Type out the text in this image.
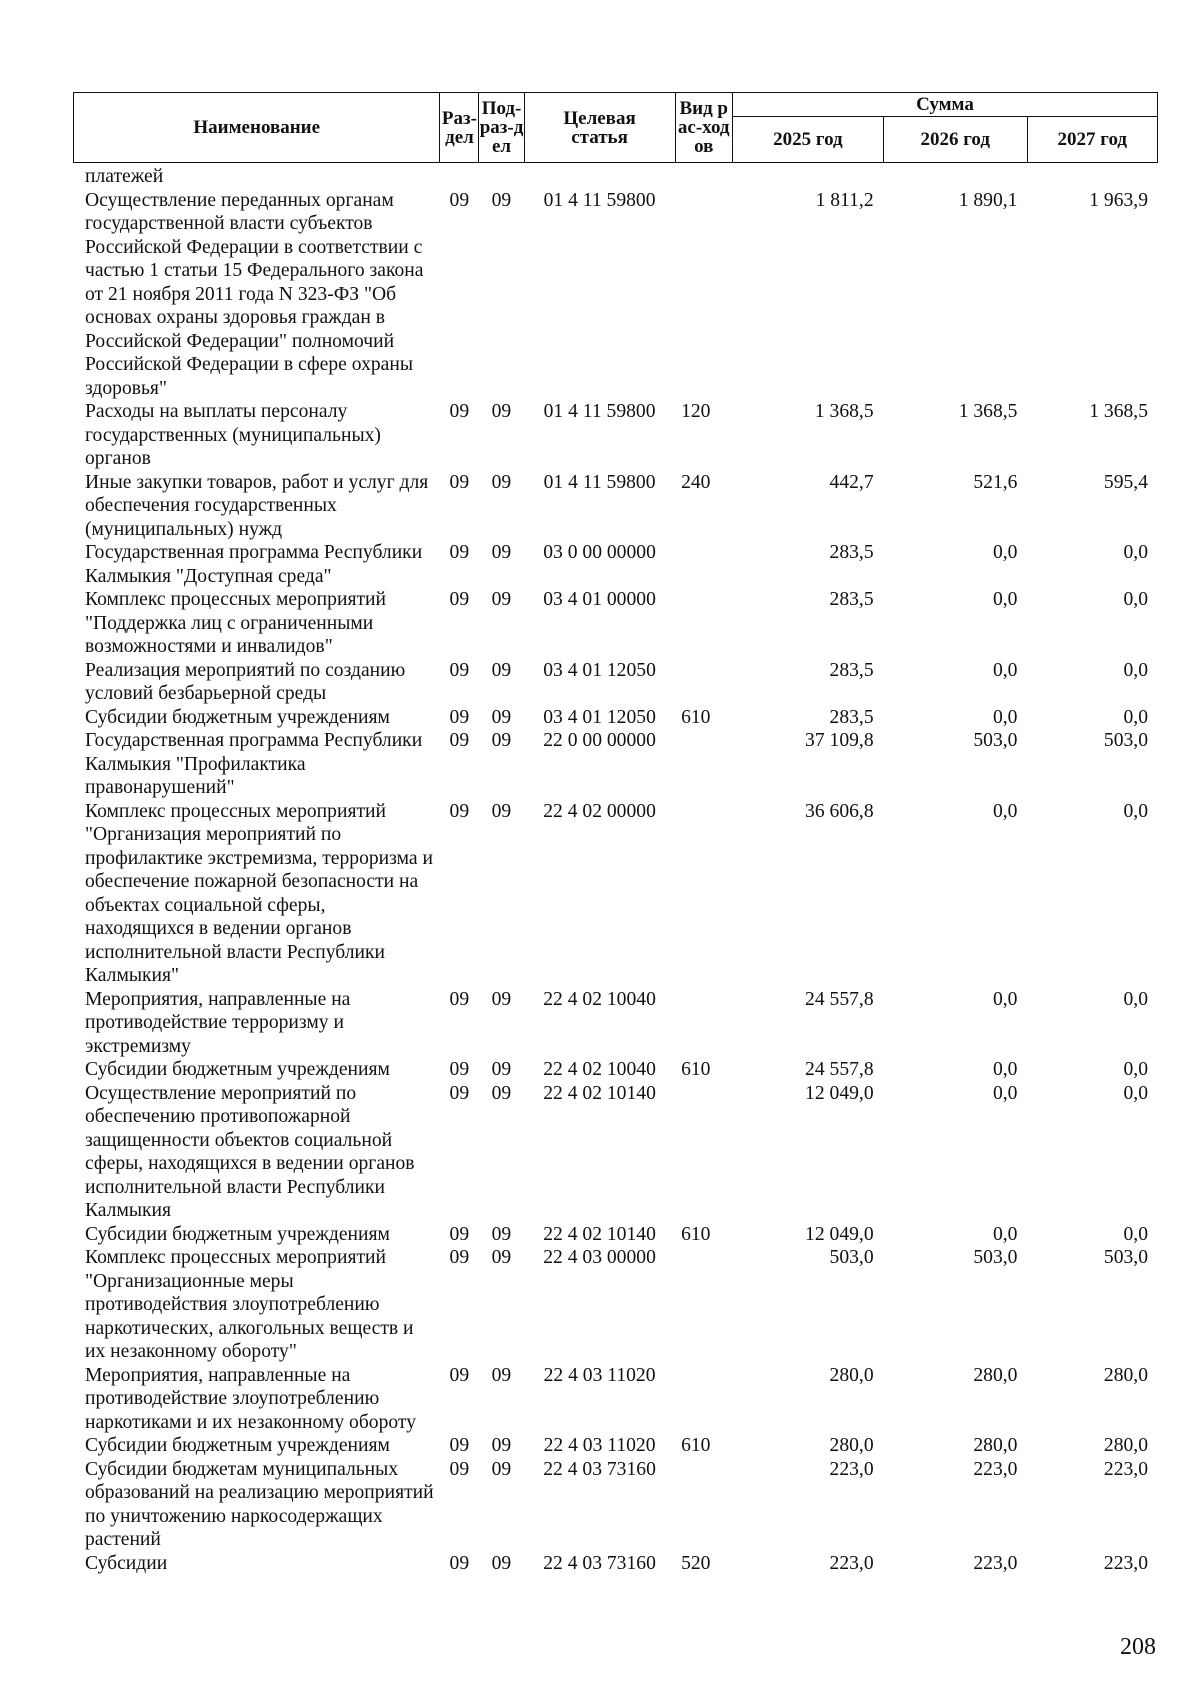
Наименование	Раз-дел	Под-раз-дел	Целевая статья	Вид рас-ходов	Сумма		
					2025 год	2026 год	2027 год
платежей							
Осуществление переданных органам государственной власти субъектов Российской Федерации в соответствии с частью 1 статьи 15 Федерального закона от 21 ноября 2011 года N 323-ФЗ "Об основах охраны здоровья граждан в Российской Федерации" полномочий Российской Федерации в сфере охраны здоровья"	09	09	01 4 11 59800		1 811,2	1 890,1	1 963,9
Расходы на выплаты персоналу государственных (муниципальных) органов	09	09	01 4 11 59800	120	1 368,5	1 368,5	1 368,5
Иные закупки товаров, работ и услуг для обеспечения государственных (муниципальных) нужд	09	09	01 4 11 59800	240	442,7	521,6	595,4
Государственная программа Республики Калмыкия "Доступная среда"	09	09	03 0 00 00000		283,5	0,0	0,0
Комплекс процессных мероприятий "Поддержка лиц с ограниченными возможностями и инвалидов"	09	09	03 4 01 00000		283,5	0,0	0,0
Реализация мероприятий по созданию условий безбарьерной среды	09	09	03 4 01 12050		283,5	0,0	0,0
Субсидии бюджетным учреждениям	09	09	03 4 01 12050	610	283,5	0,0	0,0
Государственная программа Республики Калмыкия "Профилактика правонарушений"	09	09	22 0 00 00000		37 109,8	503,0	503,0
Комплекс процессных мероприятий "Организация мероприятий по профилактике экстремизма, терроризма и обеспечение пожарной безопасности на объектах социальной сферы, находящихся в ведении органов исполнительной власти Республики Калмыкия"	09	09	22 4 02 00000		36 606,8	0,0	0,0
Мероприятия, направленные на противодействие терроризму и экстремизму	09	09	22 4 02 10040		24 557,8	0,0	0,0
Субсидии бюджетным учреждениям	09	09	22 4 02 10040	610	24 557,8	0,0	0,0
Осуществление мероприятий по обеспечению противопожарной защищенности объектов социальной сферы, находящихся в ведении органов исполнительной власти Республики Калмыкия	09	09	22 4 02 10140		12 049,0	0,0	0,0
Субсидии бюджетным учреждениям	09	09	22 4 02 10140	610	12 049,0	0,0	0,0
Комплекс процессных мероприятий "Организационные меры противодействия злоупотреблению наркотических, алкогольных веществ и их незаконному обороту"	09	09	22 4 03 00000		503,0	503,0	503,0
Мероприятия, направленные на противодействие злоупотреблению наркотиками и их незаконному обороту	09	09	22 4 03 11020		280,0	280,0	280,0
Субсидии бюджетным учреждениям	09	09	22 4 03 11020	610	280,0	280,0	280,0
Субсидии бюджетам муниципальных образований на реализацию мероприятий по уничтожению наркосодержащих растений	09	09	22 4 03 73160		223,0	223,0	223,0
Субсидии	09	09	22 4 03 73160	520	223,0	223,0	223,0
208
